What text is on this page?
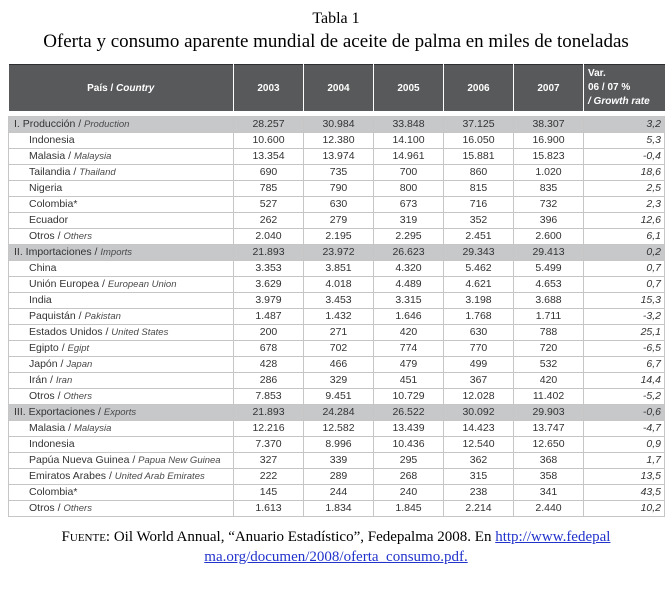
Tabla 1
Oferta y consumo aparente mundial de aceite de palma en miles de toneladas
País / Country	2003	2004	2005	2006	2007	Var.
06 / 07 %
/ Growth rate

I. Producción / Production	28.257	30.984	33.848	37.125	38.307	3,2
Indonesia	10.600	12.380	14.100	16.050	16.900	5,3
Malasia / Malaysia	13.354	13.974	14.961	15.881	15.823	-0,4
Tailandia / Thailand	690	735	700	860	1.020	18,6
Nigeria	785	790	800	815	835	2,5
Colombia*	527	630	673	716	732	2,3
Ecuador	262	279	319	352	396	12,6
Otros / Others	2.040	2.195	2.295	2.451	2.600	6,1
II. Importaciones / Imports	21.893	23.972	26.623	29.343	29.413	0,2
China	3.353	3.851	4.320	5.462	5.499	0,7
Unión Europea / European Union	3.629	4.018	4.489	4.621	4.653	0,7
India	3.979	3.453	3.315	3.198	3.688	15,3
Paquistán / Pakistan	1.487	1.432	1.646	1.768	1.711	-3,2
Estados Unidos / United States	200	271	420	630	788	25,1
Egipto / Egipt	678	702	774	770	720	-6,5
Japón / Japan	428	466	479	499	532	6,7
Irán / Iran	286	329	451	367	420	14,4
Otros / Others	7.853	9.451	10.729	12.028	11.402	-5,2
III. Exportaciones / Exports	21.893	24.284	26.522	30.092	29.903	-0,6
Malasia / Malaysia	12.216	12.582	13.439	14.423	13.747	-4,7
Indonesia	7.370	8.996	10.436	12.540	12.650	0,9
Papúa Nueva Guinea / Papua New Guinea	327	339	295	362	368	1,7
Emiratos Arabes / United Arab Emirates	222	289	268	315	358	13,5
Colombia*	145	244	240	238	341	43,5
Otros / Others	1.613	1.834	1.845	2.214	2.440	10,2

Fuente: Oil World Annual, “Anuario Estadístico”, Fedepalma 2008. En http://www.fedepal
ma.org/documen/2008/oferta_consumo.pdf.
